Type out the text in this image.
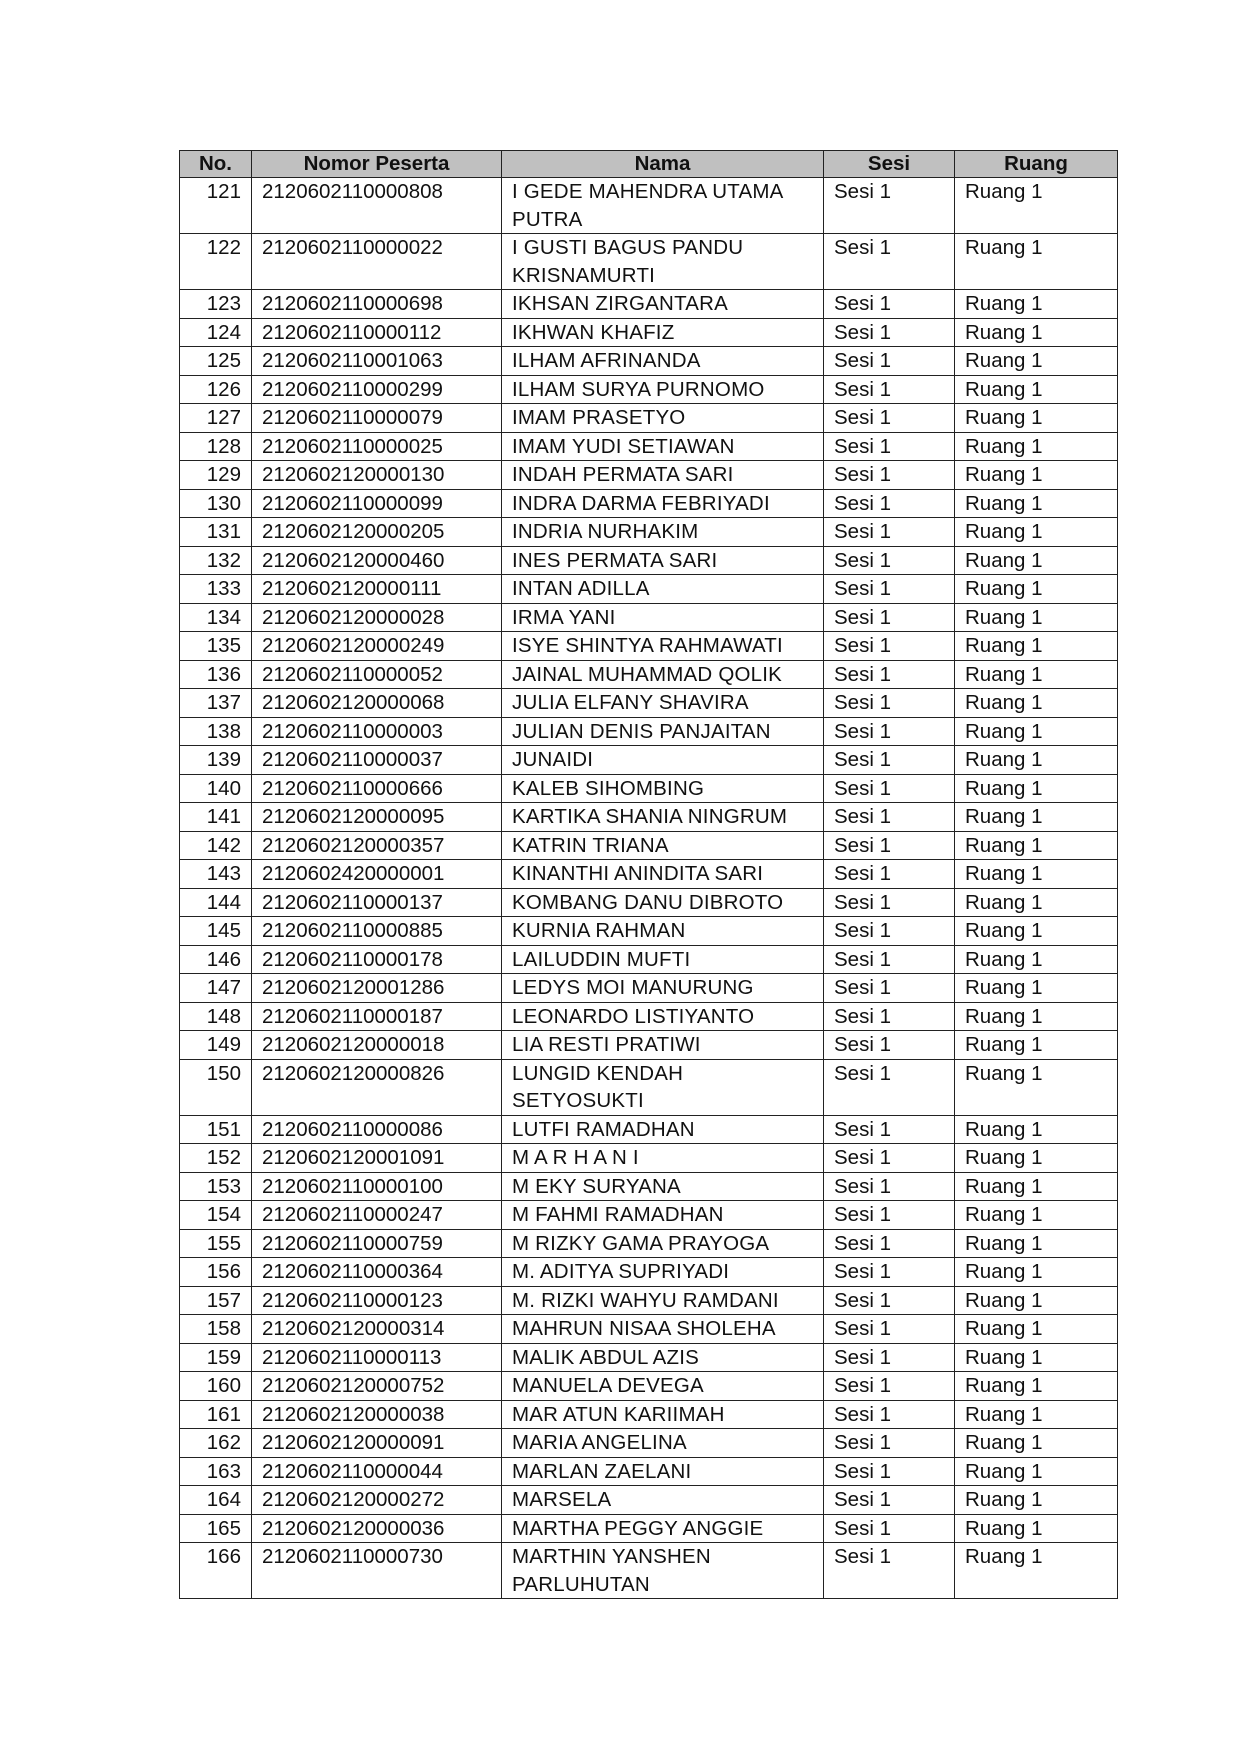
No.	Nomor Peserta	Nama	Sesi	Ruang
121	2120602110000808	I GEDE MAHENDRA UTAMA PUTRA	Sesi 1	Ruang 1
122	2120602110000022	I GUSTI BAGUS PANDU KRISNAMURTI	Sesi 1	Ruang 1
123	2120602110000698	IKHSAN ZIRGANTARA	Sesi 1	Ruang 1
124	2120602110000112	IKHWAN KHAFIZ	Sesi 1	Ruang 1
125	2120602110001063	ILHAM AFRINANDA	Sesi 1	Ruang 1
126	2120602110000299	ILHAM SURYA PURNOMO	Sesi 1	Ruang 1
127	2120602110000079	IMAM PRASETYO	Sesi 1	Ruang 1
128	2120602110000025	IMAM YUDI SETIAWAN	Sesi 1	Ruang 1
129	2120602120000130	INDAH PERMATA SARI	Sesi 1	Ruang 1
130	2120602110000099	INDRA DARMA FEBRIYADI	Sesi 1	Ruang 1
131	2120602120000205	INDRIA NURHAKIM	Sesi 1	Ruang 1
132	2120602120000460	INES PERMATA SARI	Sesi 1	Ruang 1
133	2120602120000111	INTAN ADILLA	Sesi 1	Ruang 1
134	2120602120000028	IRMA YANI	Sesi 1	Ruang 1
135	2120602120000249	ISYE SHINTYA RAHMAWATI	Sesi 1	Ruang 1
136	2120602110000052	JAINAL MUHAMMAD QOLIK	Sesi 1	Ruang 1
137	2120602120000068	JULIA ELFANY SHAVIRA	Sesi 1	Ruang 1
138	2120602110000003	JULIAN DENIS PANJAITAN	Sesi 1	Ruang 1
139	2120602110000037	JUNAIDI	Sesi 1	Ruang 1
140	2120602110000666	KALEB SIHOMBING	Sesi 1	Ruang 1
141	2120602120000095	KARTIKA SHANIA NINGRUM	Sesi 1	Ruang 1
142	2120602120000357	KATRIN TRIANA	Sesi 1	Ruang 1
143	2120602420000001	KINANTHI ANINDITA SARI	Sesi 1	Ruang 1
144	2120602110000137	KOMBANG DANU DIBROTO	Sesi 1	Ruang 1
145	2120602110000885	KURNIA RAHMAN	Sesi 1	Ruang 1
146	2120602110000178	LAILUDDIN MUFTI	Sesi 1	Ruang 1
147	2120602120001286	LEDYS MOI MANURUNG	Sesi 1	Ruang 1
148	2120602110000187	LEONARDO LISTIYANTO	Sesi 1	Ruang 1
149	2120602120000018	LIA RESTI PRATIWI	Sesi 1	Ruang 1
150	2120602120000826	LUNGID KENDAH SETYOSUKTI	Sesi 1	Ruang 1
151	2120602110000086	LUTFI RAMADHAN	Sesi 1	Ruang 1
152	2120602120001091	M A R H A N I	Sesi 1	Ruang 1
153	2120602110000100	M EKY SURYANA	Sesi 1	Ruang 1
154	2120602110000247	M FAHMI RAMADHAN	Sesi 1	Ruang 1
155	2120602110000759	M RIZKY GAMA PRAYOGA	Sesi 1	Ruang 1
156	2120602110000364	M. ADITYA SUPRIYADI	Sesi 1	Ruang 1
157	2120602110000123	M. RIZKI WAHYU RAMDANI	Sesi 1	Ruang 1
158	2120602120000314	MAHRUN NISAA SHOLEHA	Sesi 1	Ruang 1
159	2120602110000113	MALIK ABDUL AZIS	Sesi 1	Ruang 1
160	2120602120000752	MANUELA DEVEGA	Sesi 1	Ruang 1
161	2120602120000038	MAR ATUN KARIIMAH	Sesi 1	Ruang 1
162	2120602120000091	MARIA ANGELINA	Sesi 1	Ruang 1
163	2120602110000044	MARLAN ZAELANI	Sesi 1	Ruang 1
164	2120602120000272	MARSELA	Sesi 1	Ruang 1
165	2120602120000036	MARTHA PEGGY ANGGIE	Sesi 1	Ruang 1
166	2120602110000730	MARTHIN YANSHEN PARLUHUTAN	Sesi 1	Ruang 1
